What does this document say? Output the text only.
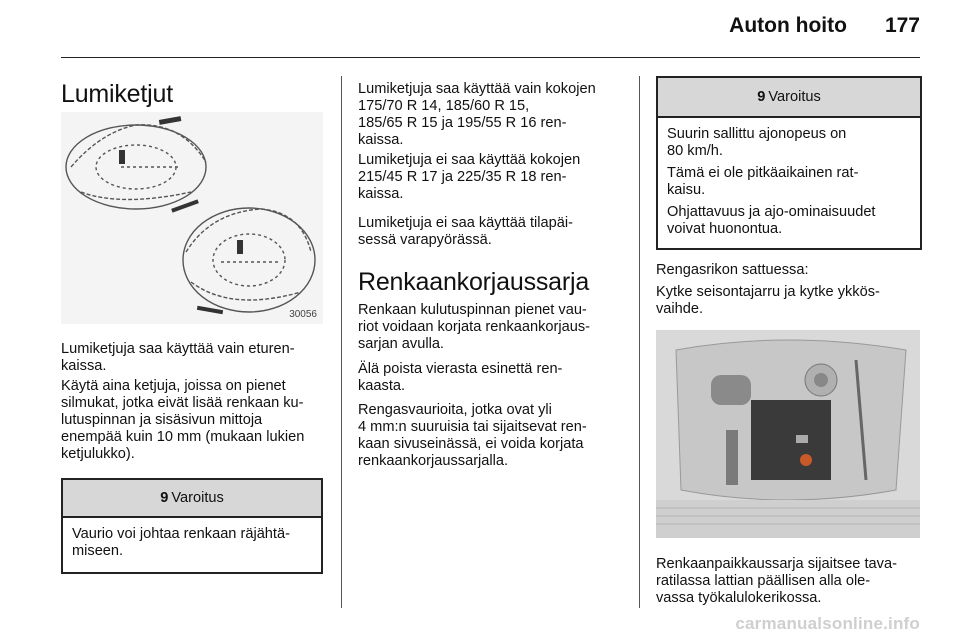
Auton hoito 177
Lumiketjut
30056
Lumiketjuja saa käyttää vain eturen-
kaissa.
Käytä aina ketjuja, joissa on pienet
silmukat, jotka eivät lisää renkaan ku-
lutuspinnan ja sisäsivun mittoja
enempää kuin 10 mm (mukaan lukien
ketjulukko).
9 Varoitus

Vaurio voi johtaa renkaan räjähtä-
miseen.

Lumiketjuja saa käyttää vain kokojen
175/70 R 14, 185/60 R 15,
185/65 R 15 ja 195/55 R 16 ren-
kaissa.
Lumiketjuja ei saa käyttää kokojen
215/45 R 17 ja 225/35 R 18 ren-
kaissa.
Lumiketjuja ei saa käyttää tilapäi-
sessä varapyörässä.
Renkaankorjaussarja
Renkaan kulutuspinnan pienet vau-
riot voidaan korjata renkaankorjaus-
sarjan avulla.
Älä poista vierasta esinettä ren-
kaasta.
Rengasvaurioita, jotka ovat yli
4 mm:n suuruisia tai sijaitsevat ren-
kaan sivuseinässä, ei voida korjata
renkaankorjaussarjalla.
9 Varoitus

Suurin sallittu ajonopeus on
80 km/h.

Tämä ei ole pitkäaikainen rat-
kaisu.

Ohjattavuus ja ajo-ominaisuudet
voivat huonontua.

Rengasrikon sattuessa:
Kytke seisontajarru ja kytke ykkös-
vaihde.
Renkaanpaikkaussarja sijaitsee tava-
ratilassa lattian päällisen alla ole-
vassa työkalulokerikossa.
carmanualsonline.info
